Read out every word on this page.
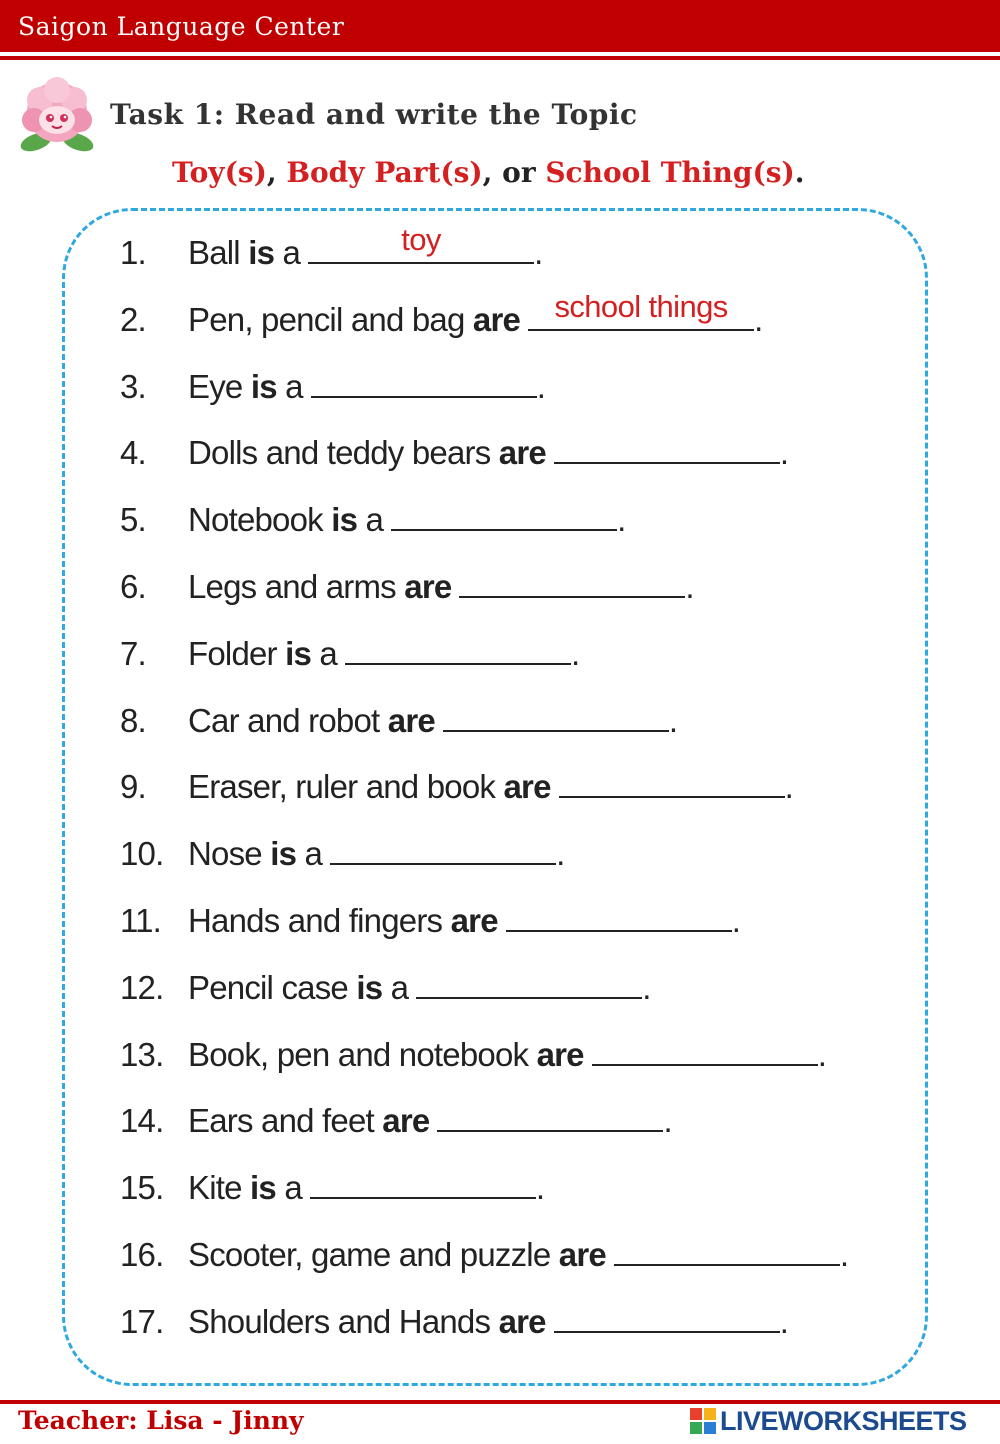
Saigon Language Center
Task 1: Read and write the Topic
Toy(s), Body Part(s), or School Thing(s).
1. Ball is a	toy	.
2. Pen, pencil and bag are	school things .
3. Eye is a	.
4. Dolls and teddy bears are	.
5. Notebook is a	.
6. Legs and arms are	.
7. Folder is a	.
8. Car and robot are	.
9. Eraser, ruler and book are	.
10. Nose is a	.
11. Hands and fingers are	.
12. Pencil case is a	.
13. Book, pen and notebook are	.
14. Ears and feet are	.
15. Kite is a	.
16. Scooter, game and puzzle are	.
17. Shoulders and Hands are	.
Teacher: Lisa - Jinny	LIVEWORKSHEETS
